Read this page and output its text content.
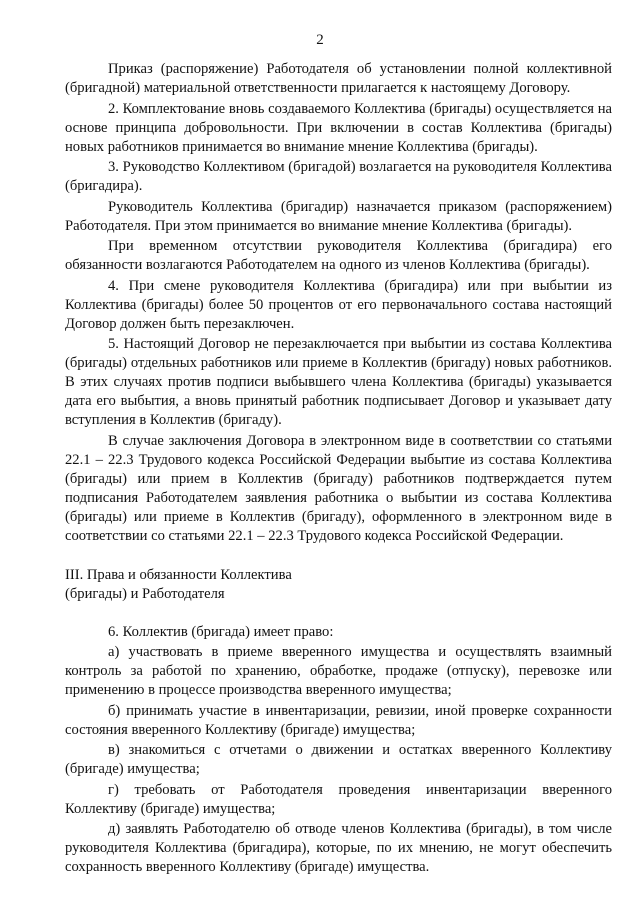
2

Приказ (распоряжение) Работодателя об установлении полной коллективной (бригадной) материальной ответственности прилагается к настоящему Договору.

2. Комплектование вновь создаваемого Коллектива (бригады) осуществляется на основе принципа добровольности. При включении в состав Коллектива (бригады) новых работников принимается во внимание мнение Коллектива (бригады).

3. Руководство Коллективом (бригадой) возлагается на руководителя Коллектива (бригадира).

Руководитель Коллектива (бригадир) назначается приказом (распоряжением) Работодателя. При этом принимается во внимание мнение Коллектива (бригады).

При временном отсутствии руководителя Коллектива (бригадира) его обязанности возлагаются Работодателем на одного из членов Коллектива (бригады).

4. При смене руководителя Коллектива (бригадира) или при выбытии из Коллектива (бригады) более 50 процентов от его первоначального состава настоящий Договор должен быть перезаключен.

5. Настоящий Договор не перезаключается при выбытии из состава Коллектива (бригады) отдельных работников или приеме в Коллектив (бригаду) новых работников. В этих случаях против подписи выбывшего члена Коллектива (бригады) указывается дата его выбытия, а вновь принятый работник подписывает Договор и указывает дату вступления в Коллектив (бригаду).

В случае заключения Договора в электронном виде в соответствии со статьями 22.1 – 22.3 Трудового кодекса Российской Федерации выбытие из состава Коллектива (бригады) или прием в Коллектив (бригаду) работников подтверждается путем подписания Работодателем заявления работника о выбытии из состава Коллектива (бригады) или приеме в Коллектив (бригаду), оформленного в электронном виде в соответствии со статьями 22.1 – 22.3 Трудового кодекса Российской Федерации.

III. Права и обязанности Коллектива
(бригады) и Работодателя

6. Коллектив (бригада) имеет право:

а) участвовать в приеме вверенного имущества и осуществлять взаимный контроль за работой по хранению, обработке, продаже (отпуску), перевозке или применению в процессе производства вверенного имущества;

б) принимать участие в инвентаризации, ревизии, иной проверке сохранности состояния вверенного Коллективу (бригаде) имущества;

в) знакомиться с отчетами о движении и остатках вверенного Коллективу (бригаде) имущества;

г) требовать от Работодателя проведения инвентаризации вверенного Коллективу (бригаде) имущества;

д) заявлять Работодателю об отводе членов Коллектива (бригады), в том числе руководителя Коллектива (бригадира), которые, по их мнению, не могут обеспечить сохранность вверенного Коллективу (бригаде) имущества.
